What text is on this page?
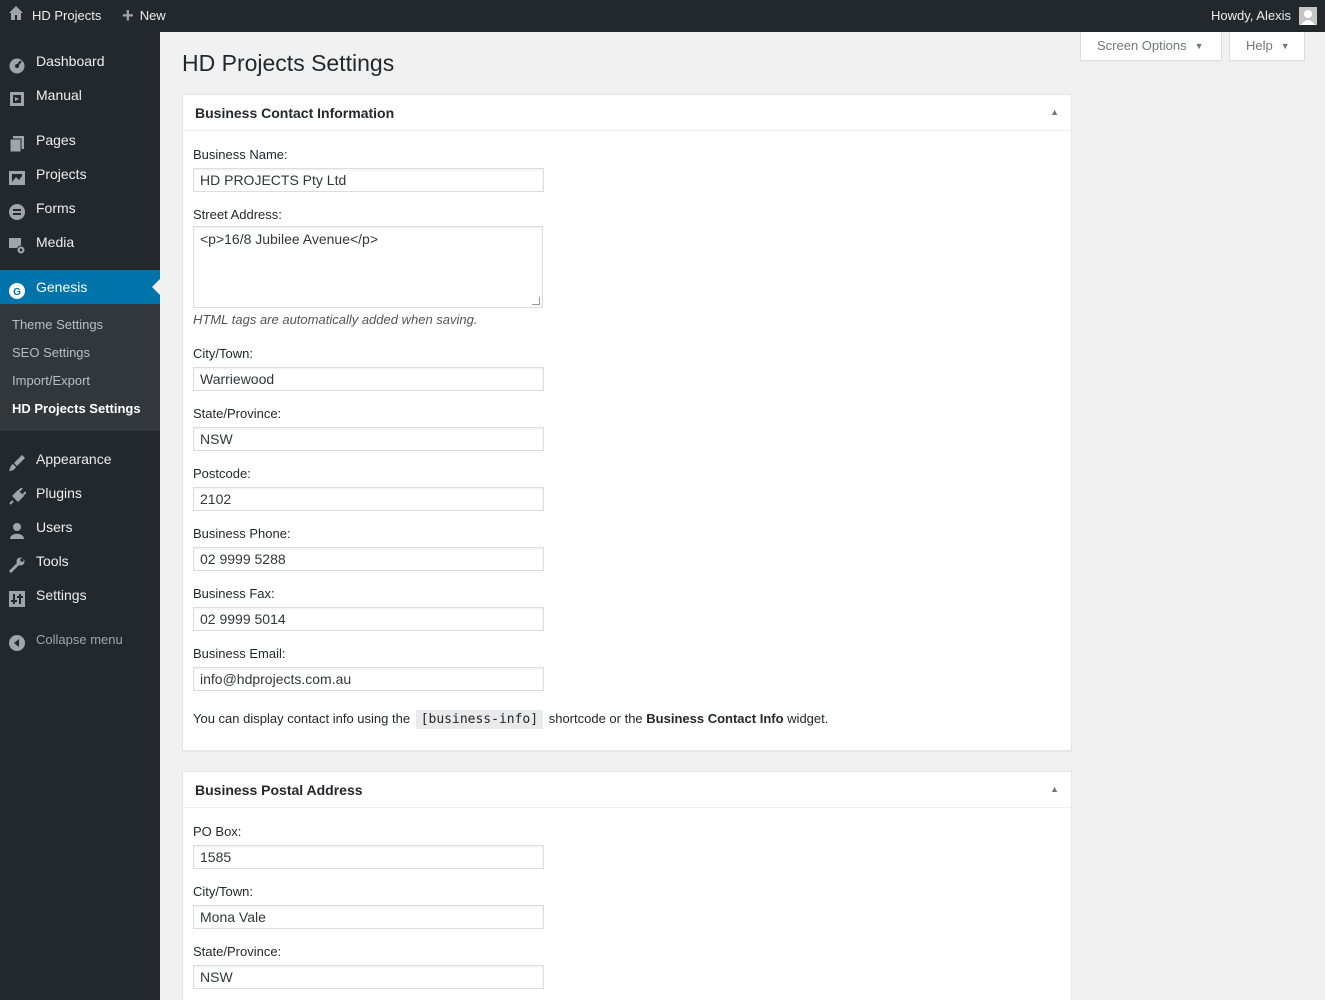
HD Projects + New	Howdy, Alexis
Dashboard
Manual
Pages
Projects
Forms
Media
G Genesis
Theme Settings
SEO Settings
Import/Export
HD Projects Settings
Appearance
Plugins
Users
Tools
Settings
Collapse menu
Screen Options ▼	Help ▼
HD Projects Settings
Business Contact Information	▲
Business Name:
HD PROJECTS Pty Ltd
Street Address:
<p>16/8 Jubilee Avenue</p>
HTML tags are automatically added when saving.
City/Town:
Warriewood
State/Province:
NSW
Postcode:
2102
Business Phone:
02 9999 5288
Business Fax:
02 9999 5014
Business Email:
info@hdprojects.com.au
You can display contact info using the [business-info] shortcode or the Business Contact Info widget.
Business Postal Address	▲
PO Box:
1585
City/Town:
Mona Vale
State/Province:
NSW
